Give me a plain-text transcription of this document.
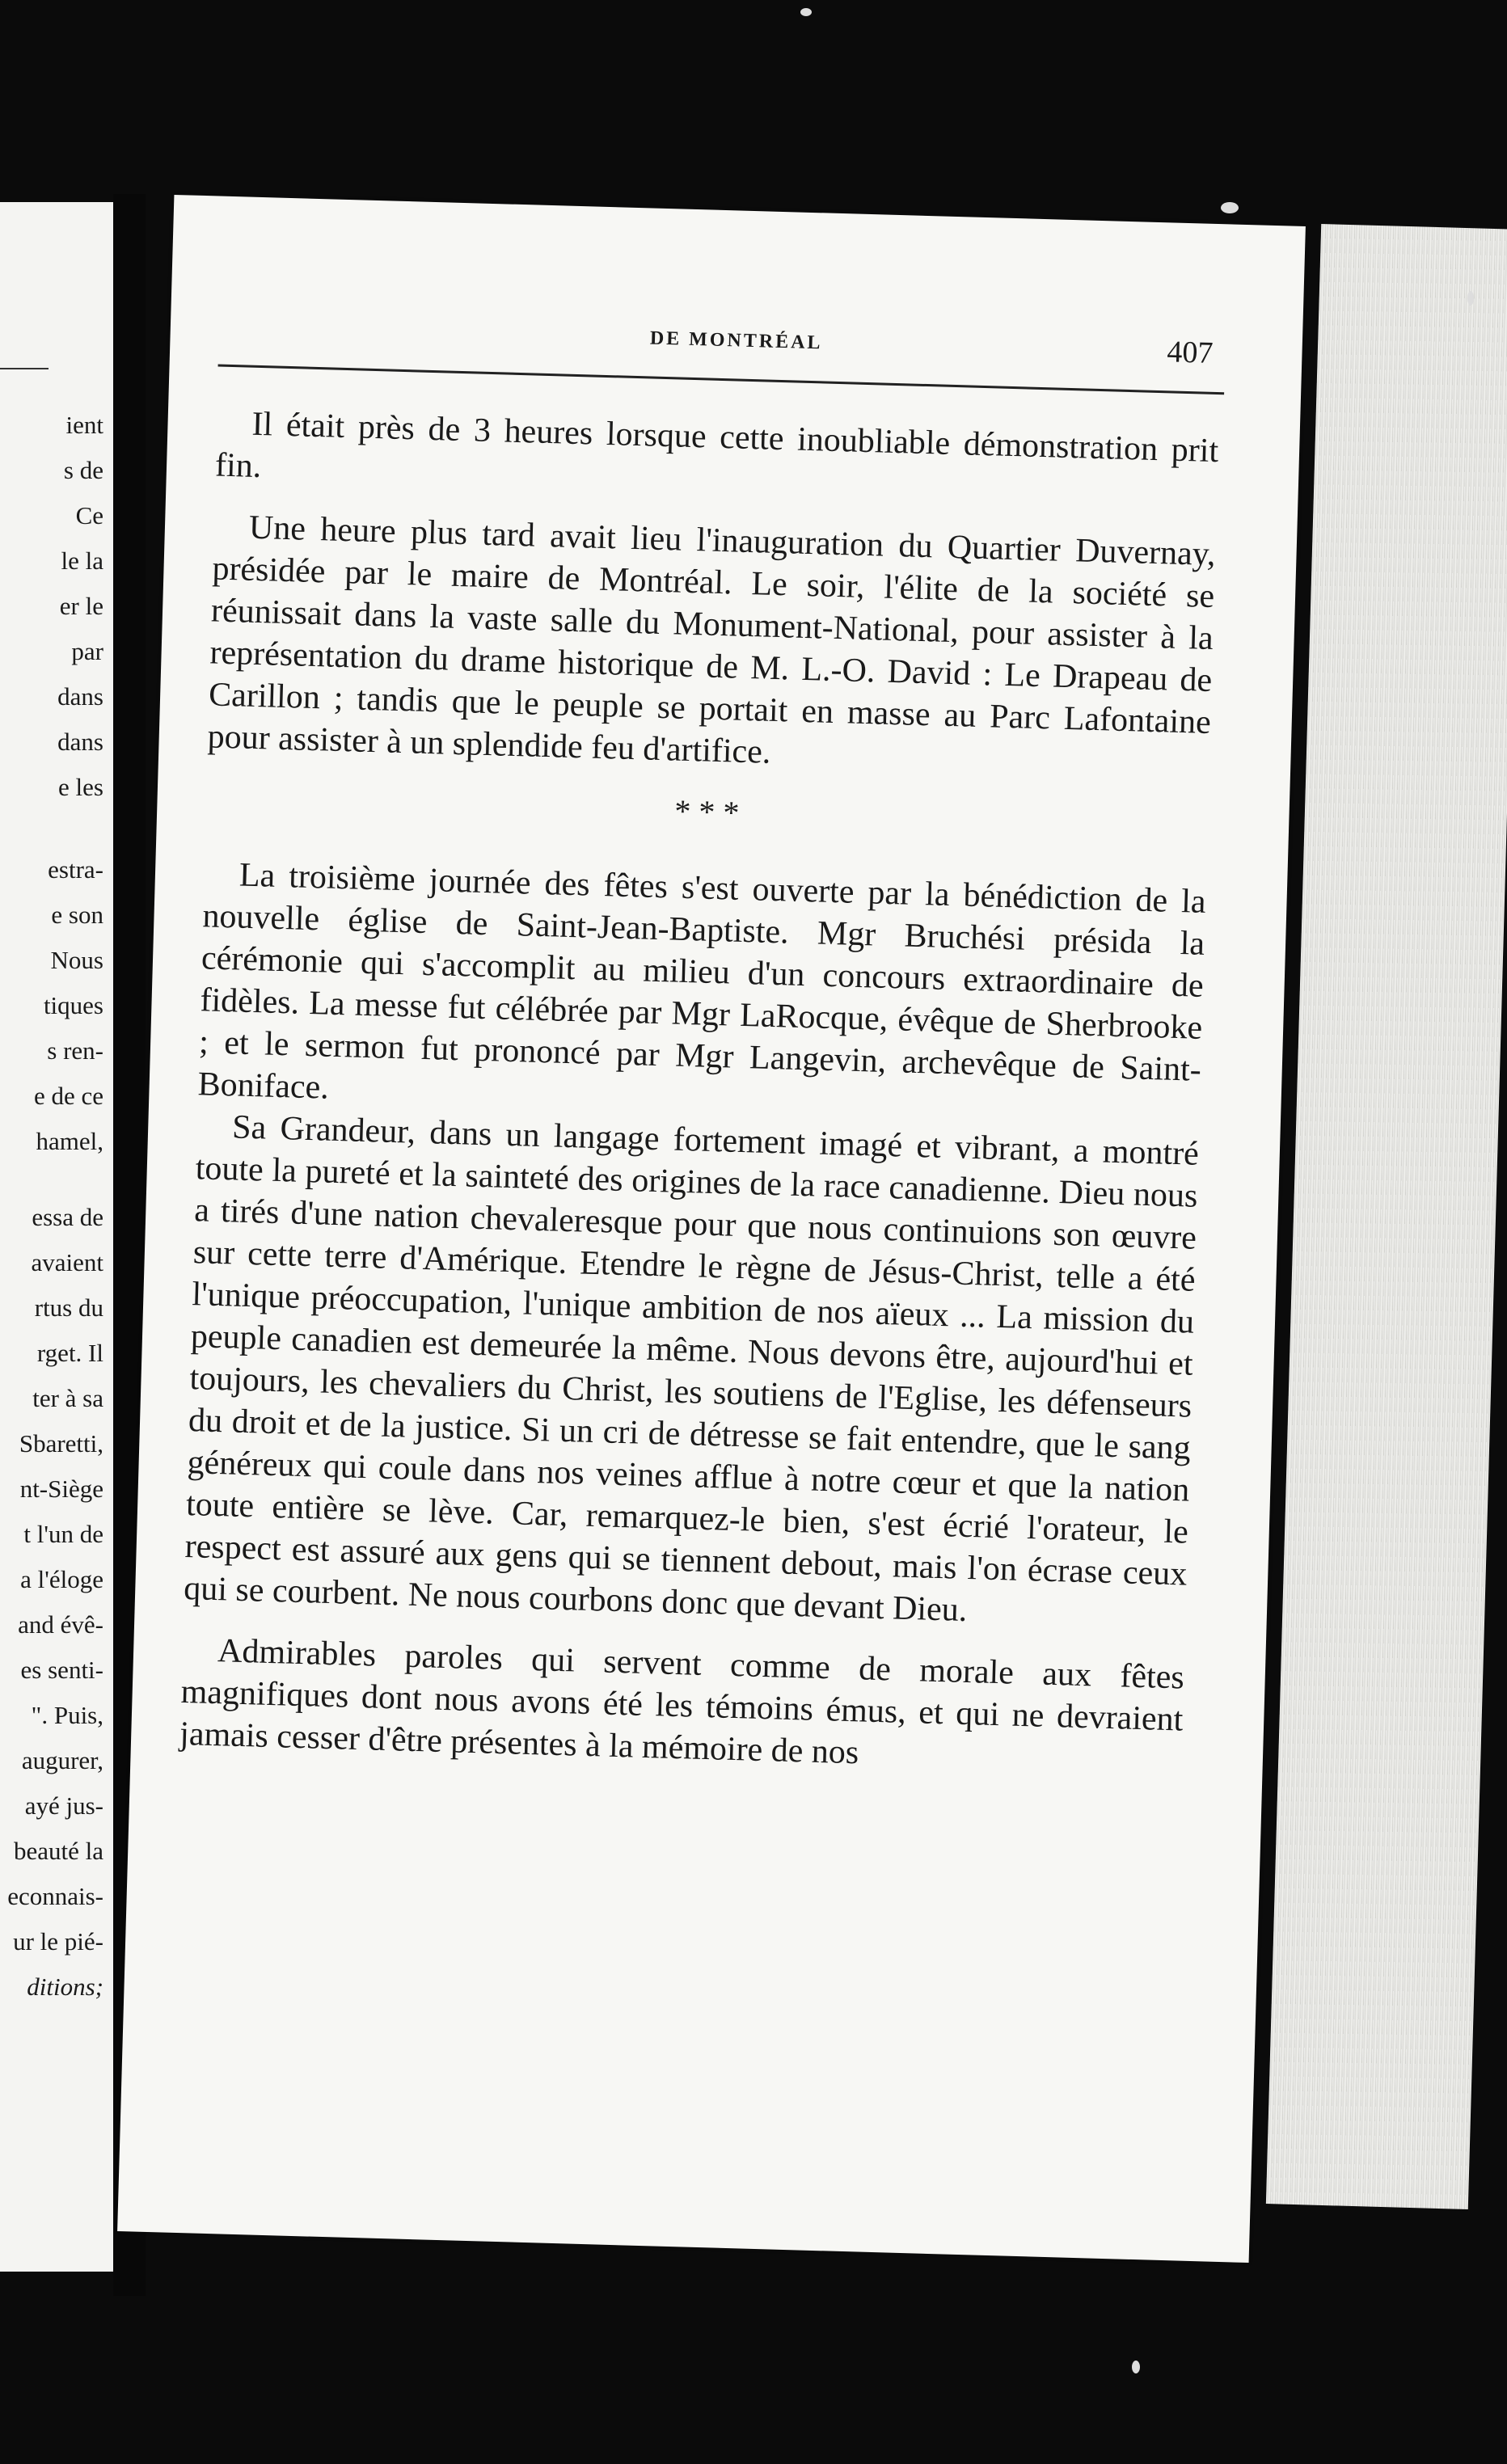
ient
s de
Ce
le la
er le
par
dans
dans
e les
estra-
e son
Nous
tiques
s ren-
e de ce
hamel,
essa de
avaient
rtus du
rget. Il
ter à sa
Sbaretti,
nt-Siège
t l'un de
a l'éloge
and évê-
es senti-
". Puis,
augurer,
ayé jus-
beauté la
econnais-
ur le pié-
ditions;
DE MONTRÉAL	407

Il était près de 3 heures lorsque cette inoubliable démonstration prit fin.

Une heure plus tard avait lieu l'inauguration du Quartier Duvernay, présidée par le maire de Montréal. Le soir, l'élite de la société se réunissait dans la vaste salle du Monument-National, pour assister à la représentation du drame historique de M. L.-O. David : Le Drapeau de Carillon ; tandis que le peuple se portait en masse au Parc Lafontaine pour assister à un splendide feu d'artifice.

* * *

La troisième journée des fêtes s'est ouverte par la bénédiction de la nouvelle église de Saint-Jean-Baptiste. Mgr Bruchési présida la cérémonie qui s'accomplit au milieu d'un concours extraordinaire de fidèles. La messe fut célébrée par Mgr LaRocque, évêque de Sherbrooke ; et le sermon fut prononcé par Mgr Langevin, archevêque de Saint-Boniface.

Sa Grandeur, dans un langage fortement imagé et vibrant, a montré toute la pureté et la sainteté des origines de la race canadienne. Dieu nous a tirés d'une nation chevaleresque pour que nous continuions son œuvre sur cette terre d'Amérique. Etendre le règne de Jésus-Christ, telle a été l'unique préoccupation, l'unique ambition de nos aïeux ... La mission du peuple canadien est demeurée la même. Nous devons être, aujourd'hui et toujours, les chevaliers du Christ, les soutiens de l'Eglise, les défenseurs du droit et de la justice. Si un cri de détresse se fait entendre, que le sang généreux qui coule dans nos veines afflue à notre cœur et que la nation toute entière se lève. Car, remarquez-le bien, s'est écrié l'orateur, le respect est assuré aux gens qui se tiennent debout, mais l'on écrase ceux qui se courbent. Ne nous courbons donc que devant Dieu.

Admirables paroles qui servent comme de morale aux fêtes magnifiques dont nous avons été les témoins émus, et qui ne devraient jamais cesser d'être présentes à la mémoire de nos
